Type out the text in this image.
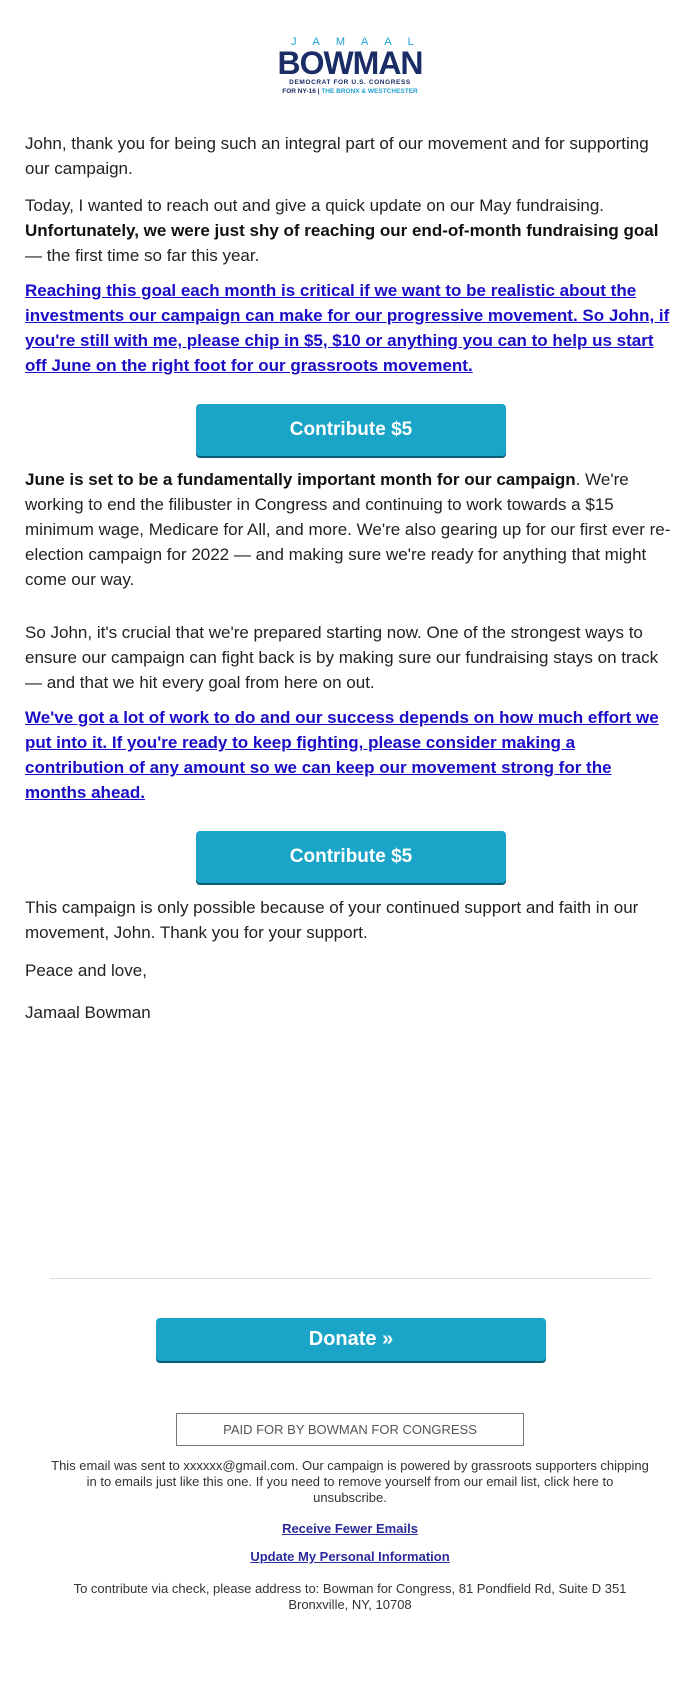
JAMAAL
BOWMAN
DEMOCRAT FOR U.S. CONGRESS
FOR NY-16 | THE BRONX & WESTCHESTER

John, thank you for being such an integral part of our movement and for supporting our campaign.

Today, I wanted to reach out and give a quick update on our May fundraising. Unfortunately, we were just shy of reaching our end-of-month fundraising goal — the first time so far this year.

Reaching this goal each month is critical if we want to be realistic about the investments our campaign can make for our progressive movement. So John, if you're still with me, please chip in $5, $10 or anything you can to help us start off June on the right foot for our grassroots movement.
Contribute $5

June is set to be a fundamentally important month for our campaign. We're working to end the filibuster in Congress and continuing to work towards a $15 minimum wage, Medicare for All, and more. We're also gearing up for our first ever re-election campaign for 2022 — and making sure we're ready for anything that might come our way.

So John, it's crucial that we're prepared starting now. One of the strongest ways to ensure our campaign can fight back is by making sure our fundraising stays on track — and that we hit every goal from here on out.

We've got a lot of work to do and our success depends on how much effort we put into it. If you're ready to keep fighting, please consider making a contribution of any amount so we can keep our movement strong for the months ahead.
Contribute $5

This campaign is only possible because of your continued support and faith in our movement, John. Thank you for your support.

Peace and love,

Jamaal Bowman

Donate »
PAID FOR BY BOWMAN FOR CONGRESS
This email was sent to xxxxxx@gmail.com. Our campaign is powered by grassroots supporters chipping in to emails just like this one. If you need to remove yourself from our email list, click here to unsubscribe.
Receive Fewer Emails
Update My Personal Information
To contribute via check, please address to: Bowman for Congress, 81 Pondfield Rd, Suite D 351 Bronxville, NY, 10708
